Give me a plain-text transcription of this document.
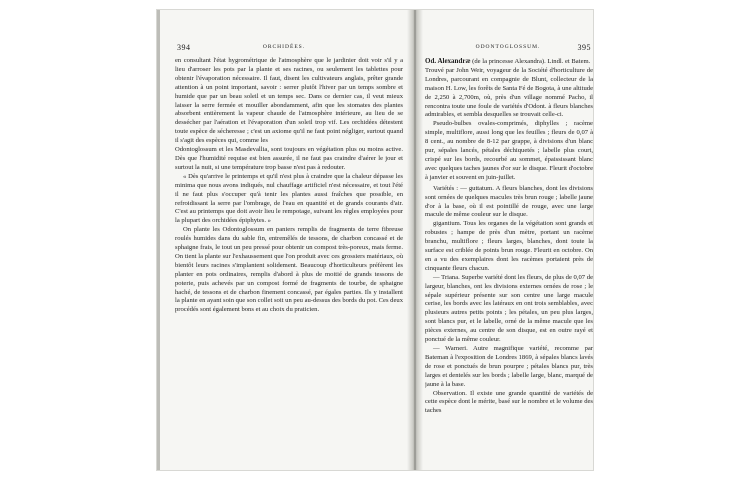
394	ORCHIDÉES.

en consultant l'état hygrométrique de l'atmosphère que le jardinier doit voir s'il y a lieu d'arroser les pots par la plante et ses racines, ou seulement les tablettes pour obtenir l'évaporation nécessaire. Il faut, disent les cultivateurs anglais, prêter grande attention à un point important, savoir : serrer plutôt l'hiver par un temps sombre et humide que par un beau soleil et un temps sec. Dans ce dernier cas, il veut mieux laisser la serre fermée et mouiller abondamment, afin que les stomates des plantes absorbent entièrement la vapeur chaude de l'atmosphère intérieure, au lieu de se dessécher par l'aération et l'évaporation d'un soleil trop vif. Les orchidées détestent toute espèce de sécheresse ; c'est un axiome qu'il ne faut point négliger, surtout quand il s'agit des espèces qui, comme les

Odontoglossum et les Masdevallia, sont toujours en végétation plus ou moins active. Dès que l'humidité requise est bien assurée, il ne faut pas craindre d'aérer le jour et surtout la nuit, si une température trop basse n'est pas à redouter.

« Dès qu'arrive le printemps et qu'il n'est plus à craindre que la chaleur dépasse les minima que nous avons indiqués, nul chauffage artificiel n'est nécessaire, et tout l'été il ne faut plus s'occuper qu'à tenir les plantes aussi fraîches que possible, en refroidissant la serre par l'ombrage, de l'eau en quantité et de grands courants d'air. C'est au printemps que doit avoir lieu le rempotage, suivant les règles employées pour la plupart des orchidées épiphytes. »

On plante les Odontoglossum en paniers remplis de fragments de terre fibreuse roulés humides dans du sable fin, entremêlés de tessons, de charbon concassé et de sphaigne frais, le tout un peu pressé pour obtenir un compost très-poreux, mais ferme. On tient la plante sur l'exhaussement que l'on produit avec ces grossiers matériaux, où bientôt leurs racines s'implantent solidement. Beaucoup d'horticulteurs préfèrent les planter en pots ordinaires, remplis d'abord à plus de moitié de grands tessons de poterie, puis achevés par un compost formé de fragments de tourbe, de sphaigne haché, de tessons et de charbon finement concassé, par égales parties. Ils y installent la plante en ayant soin que son collet soit un peu au-dessus des bords du pot. Ces deux procédés sont également bons et au choix du praticien.

ODONTOGLOSSUM.	395

Od. Alexandræ (de la princesse Alexandra). Lindl. et Batem.

Trouvé par John Weir, voyageur de la Société d'horticulture de Londres, parcourant en compagnie de Blunt, collecteur de la maison H. Low, les forêts de Santa Fé de Bogota, à une altitude de 2,250 à 2,700m, où, près d'un village nommé Pacho, il rencontra toute une foule de variétés d'Odont. à fleurs blanches admirables, et sembla desquelles se trouvait celle-ci.

Pseudo-bulbes ovales-comprimés, diphylles ; racème simple, multiflore, aussi long que les feuilles ; fleurs de 0,07 à 8 cent., au nombre de 8-12 par grappe, à divisions d'un blanc pur, sépales lancés, pétales déchiquetés ; labelle plus court, crispé sur les bords, recourbé au sommet, épaississant blanc avec quelques taches jaunes d'or sur le disque. Fleurit d'octobre à janvier et souvent en juin-juillet.

Variétés : — guttatum. A fleurs blanches, dont les divisions sont ornées de quelques macules très brun rouge ; labelle jaune d'or à la base, où il est pointillé de rouge, avec une large macule de même couleur sur le disque.

gigantium. Tous les organes de la végétation sont grands et robustes ; hampe de près d'un mètre, portant un racème branchu, multiflore ; fleurs larges, blanches, dont toute la surface est criblée de points brun rouge. Fleurit en octobre. On en a vu des exemplaires dont les racèmes portaient près de cinquante fleurs chacun.

— Triana. Superbe variété dont les fleurs, de plus de 0,07 de largeur, blanches, ont les divisions externes ornées de rose ; le sépale supérieur présente sur son centre une large macule cerise, les bords avec les latéraux en ont trois semblables, avec plusieurs autres petits points ; les pétales, un peu plus larges, sont blancs pur, et le labelle, orné de la même macule que les pièces externes, au centre de son disque, est en outre rayé et ponctué de la même couleur.

— Warneri. Autre magnifique variété, recomme par Bateman à l'exposition de Londres 1869, à sépales blancs lavés de rose et ponctués de brun pourpre ; pétales blancs pur, très larges et dentelés sur les bords ; labelle large, blanc, marqué de jaune à la base.

Observation. Il existe une grande quantité de variétés de cette espèce dont le mérite, basé sur le nombre et le volume des taches
